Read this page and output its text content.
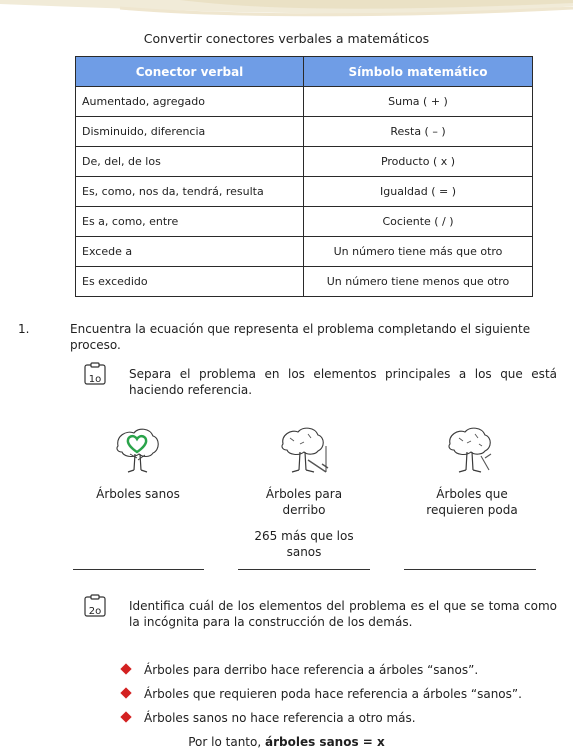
Convertir conectores verbales a matemáticos
Conector verbal	Símbolo matemático
Aumentado, agregado	Suma ( + )
Disminuido, diferencia	Resta ( – )
De, del, de los	Producto ( x )
Es, como, nos da, tendrá, resulta	Igualdad ( = )
Es a, como, entre	Cociente ( / )
Excede a	Un número tiene más que otro
Es excedido	Un número tiene menos que otro
1.	Encuentra la ecuación que representa el problema completando el siguiente proceso.
1o	Separa el problema en los elementos principales a los que está haciendo referencia.
Árboles sanos	Árboles para derribo
Árboles que requieren poda
265 más que los sanos
2o	Identifica cuál de los elementos del problema es el que se toma como la incógnita para la construcción de los demás.
Árboles para derribo hace referencia a árboles “sanos”.
Árboles que requieren poda hace referencia a árboles “sanos”.
Árboles sanos no hace referencia a otro más.
Por lo tanto, árboles sanos = x
